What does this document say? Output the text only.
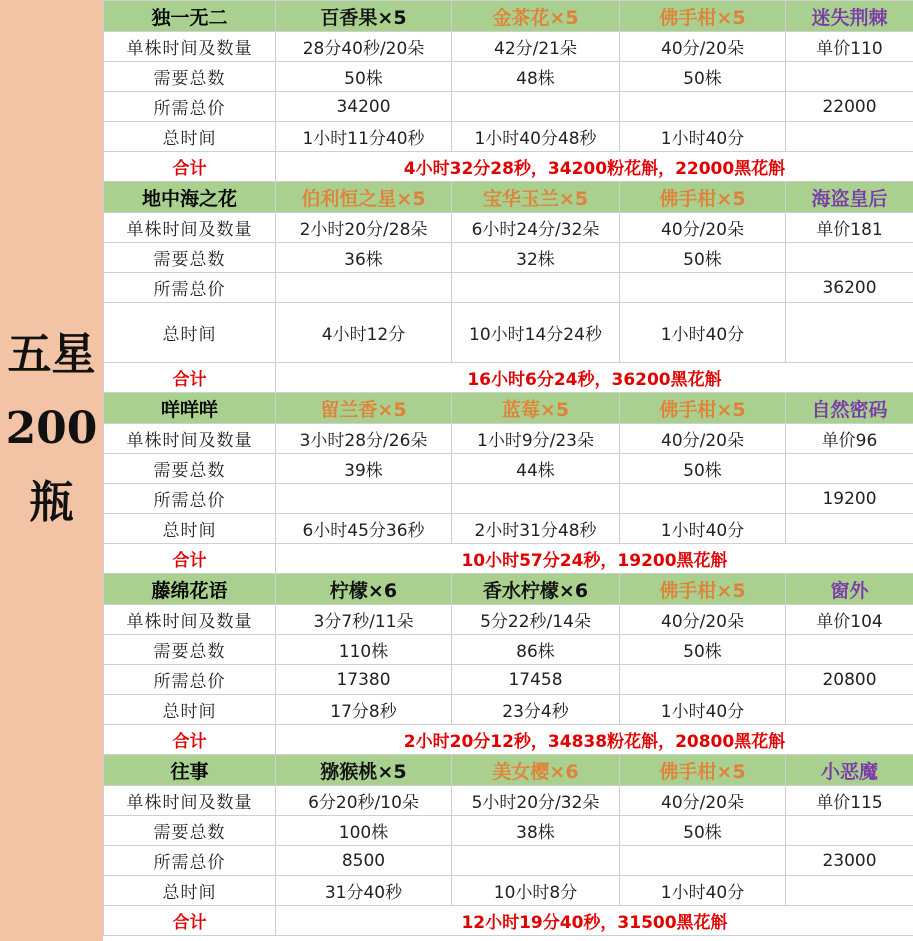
五星200瓶
独一无二	百香果×5	金茶花×5	佛手柑×5	迷失荆棘
单株时间及数量	28分40秒/20朵	42分/21朵	40分/20朵	单价110
需要总数	50株	48株	50株	
所需总价	34200			22000
总时间	1小时11分40秒	1小时40分48秒	1小时40分	
合计	4小时32分28秒，34200粉花斛，22000黑花斛			
地中海之花	伯利恒之星×5	宝华玉兰×5	佛手柑×5	海盗皇后
单株时间及数量	2小时20分/28朵	6小时24分/32朵	40分/20朵	单价181
需要总数	36株	32株	50株	
所需总价				36200
总时间	4小时12分	10小时14分24秒	1小时40分	
合计	16小时6分24秒，36200黑花斛			
咩咩咩	留兰香×5	蓝莓×5	佛手柑×5	自然密码
单株时间及数量	3小时28分/26朵	1小时9分/23朵	40分/20朵	单价96
需要总数	39株	44株	50株	
所需总价				19200
总时间	6小时45分36秒	2小时31分48秒	1小时40分	
合计	10小时57分24秒，19200黑花斛			
藤绵花语	柠檬×6	香水柠檬×6	佛手柑×5	窗外
单株时间及数量	3分7秒/11朵	5分22秒/14朵	40分/20朵	单价104
需要总数	110株	86株	50株	
所需总价	17380	17458		20800
总时间	17分8秒	23分4秒	1小时40分	
合计	2小时20分12秒，34838粉花斛，20800黑花斛			
往事	猕猴桃×5	美女樱×6	佛手柑×5	小恶魔
单株时间及数量	6分20秒/10朵	5小时20分/32朵	40分/20朵	单价115
需要总数	100株	38株	50株	
所需总价	8500			23000
总时间	31分40秒	10小时8分	1小时40分	
合计	12小时19分40秒，31500黑花斛			
